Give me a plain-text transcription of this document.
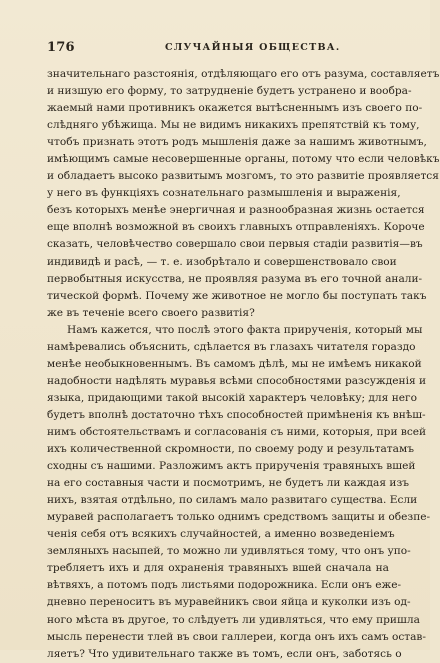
176	СЛУЧАЙНЫЯ ОБЩЕСТВА.
значительнаго разстоянія, отдѣляющаго его отъ разума, составляетъ
и низшую его форму, то затрудненіе будетъ устранено и вообра-
жаемый нами противникъ окажется вытѣсненнымъ изъ своего по-
слѣдняго убѣжища. Мы не видимъ никакихъ препятствій къ тому,
чтобъ признать этотъ родъ мышленія даже за нашимъ животнымъ,
имѣющимъ самые несовершенные органы, потому что если человѣкъ
и обладаетъ высоко развитымъ мозгомъ, то это развитіе проявляется
у него въ функціяхъ сознательнаго размышленія и выраженія,
безъ которыхъ менѣе энергичная и разнообразная жизнь остается
еще вполнѣ возможной въ своихъ главныхъ отправленіяхъ. Короче
сказать, человѣчество совершало свои первыя стадіи развитія—въ
индивидѣ и расѣ, — т. е. изобрѣтало и совершенствовало свои
первобытныя искусства, не проявляя разума въ его точной анали-
тической формѣ. Почему же животное не могло бы поступать такъ
же въ теченіе всего своего развитія?
Намъ кажется, что послѣ этого факта прирученія, который мы
намѣревались объяснить, сдѣлается въ глазахъ читателя гораздо
менѣе необыкновеннымъ. Въ самомъ дѣлѣ, мы не имѣемъ никакой
надобности надѣлять муравья всѣми способностями разсужденія и
языка, придающими такой высокій характеръ человѣку; для него
будетъ вполнѣ достаточно тѣхъ способностей примѣненія къ внѣш-
нимъ обстоятельствамъ и согласованія съ ними, которыя, при всей
ихъ количественной скромности, по своему роду и результатамъ
сходны съ нашими. Разложимъ актъ прирученія травяныхъ вшей
на его составныя части и посмотримъ, не будетъ ли каждая изъ
нихъ, взятая отдѣльно, по силамъ мало развитаго существа. Если
муравей располагаетъ только однимъ средствомъ защиты и обезпе-
ченія себя отъ всякихъ случайностей, а именно возведеніемъ
земляныхъ насыпей, то можно ли удивляться тому, что онъ упо-
требляетъ ихъ и для охраненія травяныхъ вшей сначала на
вѣтвяхъ, а потомъ подъ листьями подорожника. Если онъ еже-
дневно переноситъ въ муравейникъ свои яйца и куколки изъ од-
ного мѣста въ другое, то слѣдуетъ ли удивляться, что ему пришла
мысль перенести тлей въ свои галлереи, когда онъ ихъ самъ остав-
ляетъ? Что удивительнаго также въ томъ, если онъ, заботясь о
